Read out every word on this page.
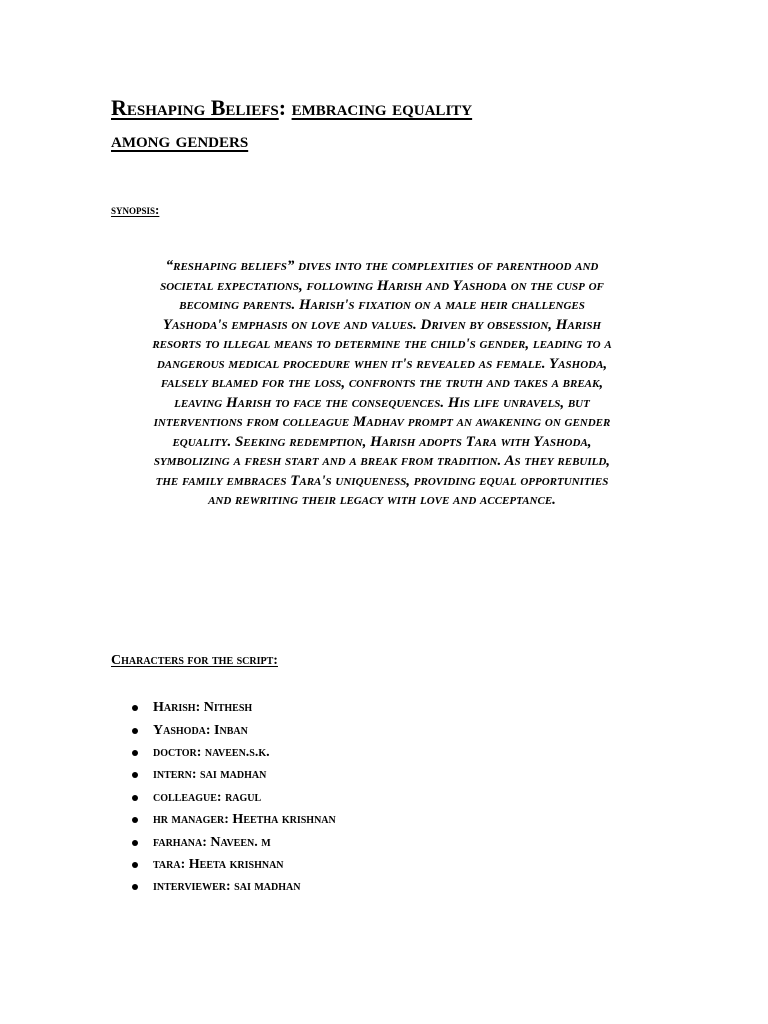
Reshaping Beliefs: embracing equality
among genders
synopsis:

“reshaping beliefs” dives into the complexities of parenthood and societal expectations, following Harish and Yashoda on the cusp of becoming parents. Harish's fixation on a male heir challenges Yashoda's emphasis on love and values. Driven by obsession, Harish resorts to illegal means to determine the child's gender, leading to a dangerous medical procedure when it's revealed as female. Yashoda, falsely blamed for the loss, confronts the truth and takes a break, leaving Harish to face the consequences. His life unravels, but interventions from colleague Madhav prompt an awakening on gender equality. Seeking redemption, Harish adopts Tara with Yashoda, symbolizing a fresh start and a break from tradition. As they rebuild, the family embraces Tara's uniqueness, providing equal opportunities and rewriting their legacy with love and acceptance.

Characters for the script:
Harish: Nithesh
Yashoda: Inban
doctor: naveen.s.k.
intern: sai madhan
colleague: ragul
hr manager: Heetha krishnan
farhana: Naveen. m
tara: Heeta krishnan
interviewer: sai madhan
